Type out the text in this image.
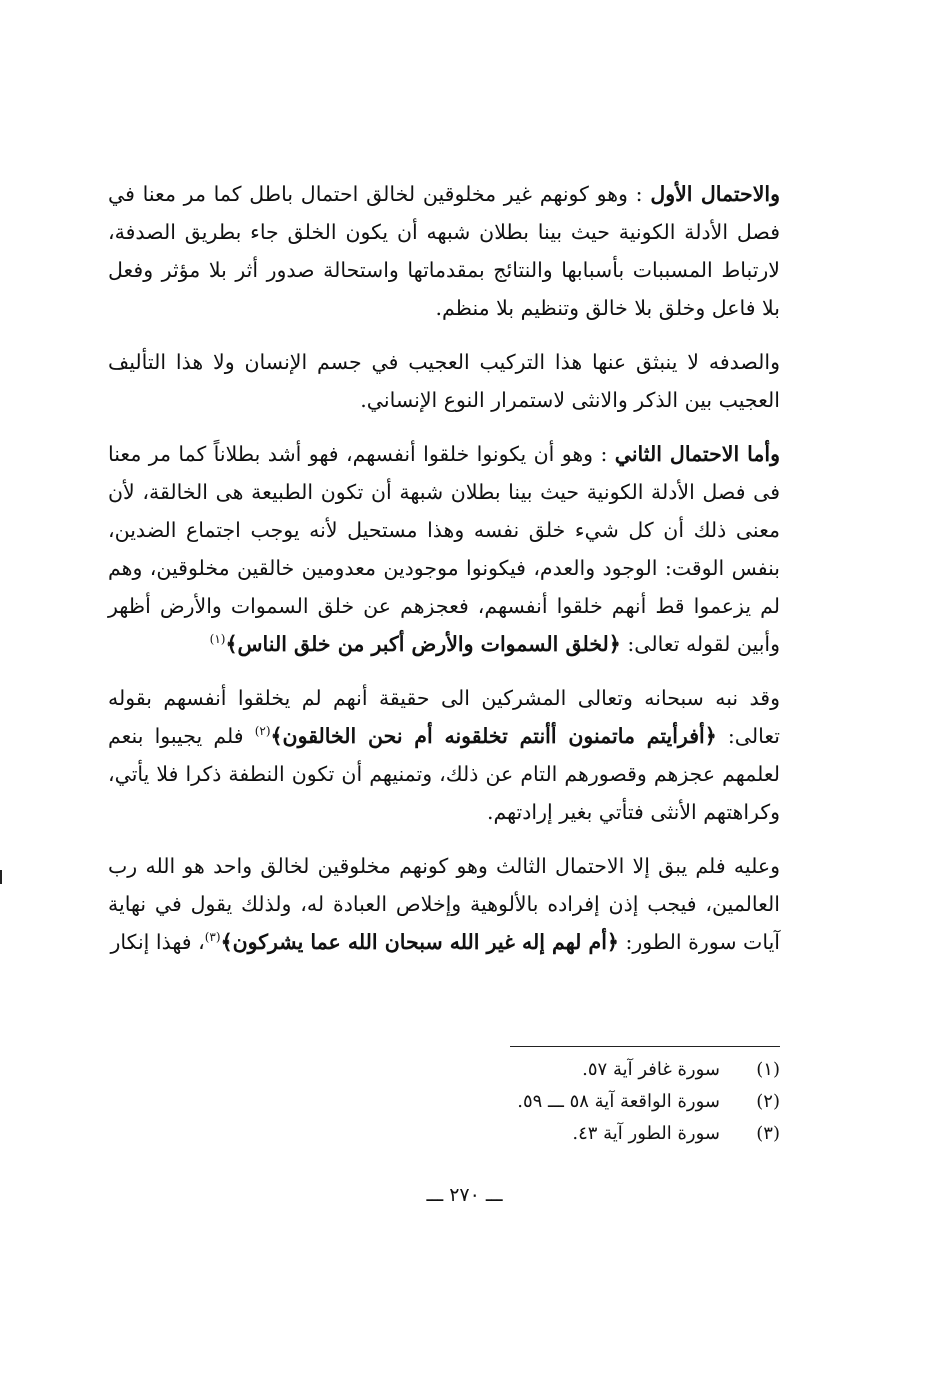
والاحتمال الأول : وهو كونهم غير مخلوقين لخالق احتمال باطل كما مر معنا في فصل الأدلة الكونية حيث بينا بطلان شبهه أن يكون الخلق جاء بطريق الصدفة، لارتباط المسببات بأسبابها والنتائج بمقدماتها واستحالة صدور أثر بلا مؤثر وفعل بلا فاعل وخلق بلا خالق وتنظيم بلا منظم.

والصدفه لا ينبثق عنها هذا التركيب العجيب في جسم الإنسان ولا هذا التأليف العجيب بين الذكر والانثى لاستمرار النوع الإنساني.

وأما الاحتمال الثاني : وهو أن يكونوا خلقوا أنفسهم، فهو أشد بطلاناً كما مر معنا فى فصل الأدلة الكونية حيث بينا بطلان شبهة أن تكون الطبيعة هى الخالقة، لأن معنى ذلك أن كل شيء خلق نفسه وهذا مستحيل لأنه يوجب اجتماع الضدين، بنفس الوقت: الوجود والعدم، فيكونوا موجودين معدومين خالقين مخلوقين، وهم لم يزعموا قط أنهم خلقوا أنفسهم، فعجزهم عن خلق السموات والأرض أظهر وأبين لقوله تعالى: ﴿لخلق السموات والأرض أكبر من خلق الناس﴾$^{(١)}$

وقد نبه سبحانه وتعالى المشركين الى حقيقة أنهم لم يخلقوا أنفسهم بقوله تعالى: ﴿أفرأيتم ماتمنون أأنتم تخلقونه أم نحن الخالقون﴾$^{(٢)}$ فلم يجيبوا بنعم لعلمهم عجزهم وقصورهم التام عن ذلك، وتمنيهم أن تكون النطفة ذكرا فلا يأتي، وكراهتهم الأنثى فتأتي بغير إرادتهم.

وعليه فلم يبق إلا الاحتمال الثالث وهو كونهم مخلوقين لخالق واحد هو الله رب العالمين، فيجب إذن إفراده بالألوهية وإخلاص العبادة له، ولذلك يقول في نهاية آيات سورة الطور: ﴿أم لهم إله غير الله سبحان الله عما يشركون﴾$^{(٣)}$، فهذا إنكار

(١)
سورة غافر آية ٥٧.
(٢)
سورة الواقعة آية ٥٨ ـــ ٥٩.
(٣)
سورة الطور آية ٤٣.
ـــ ٢٧٠ ـــ
